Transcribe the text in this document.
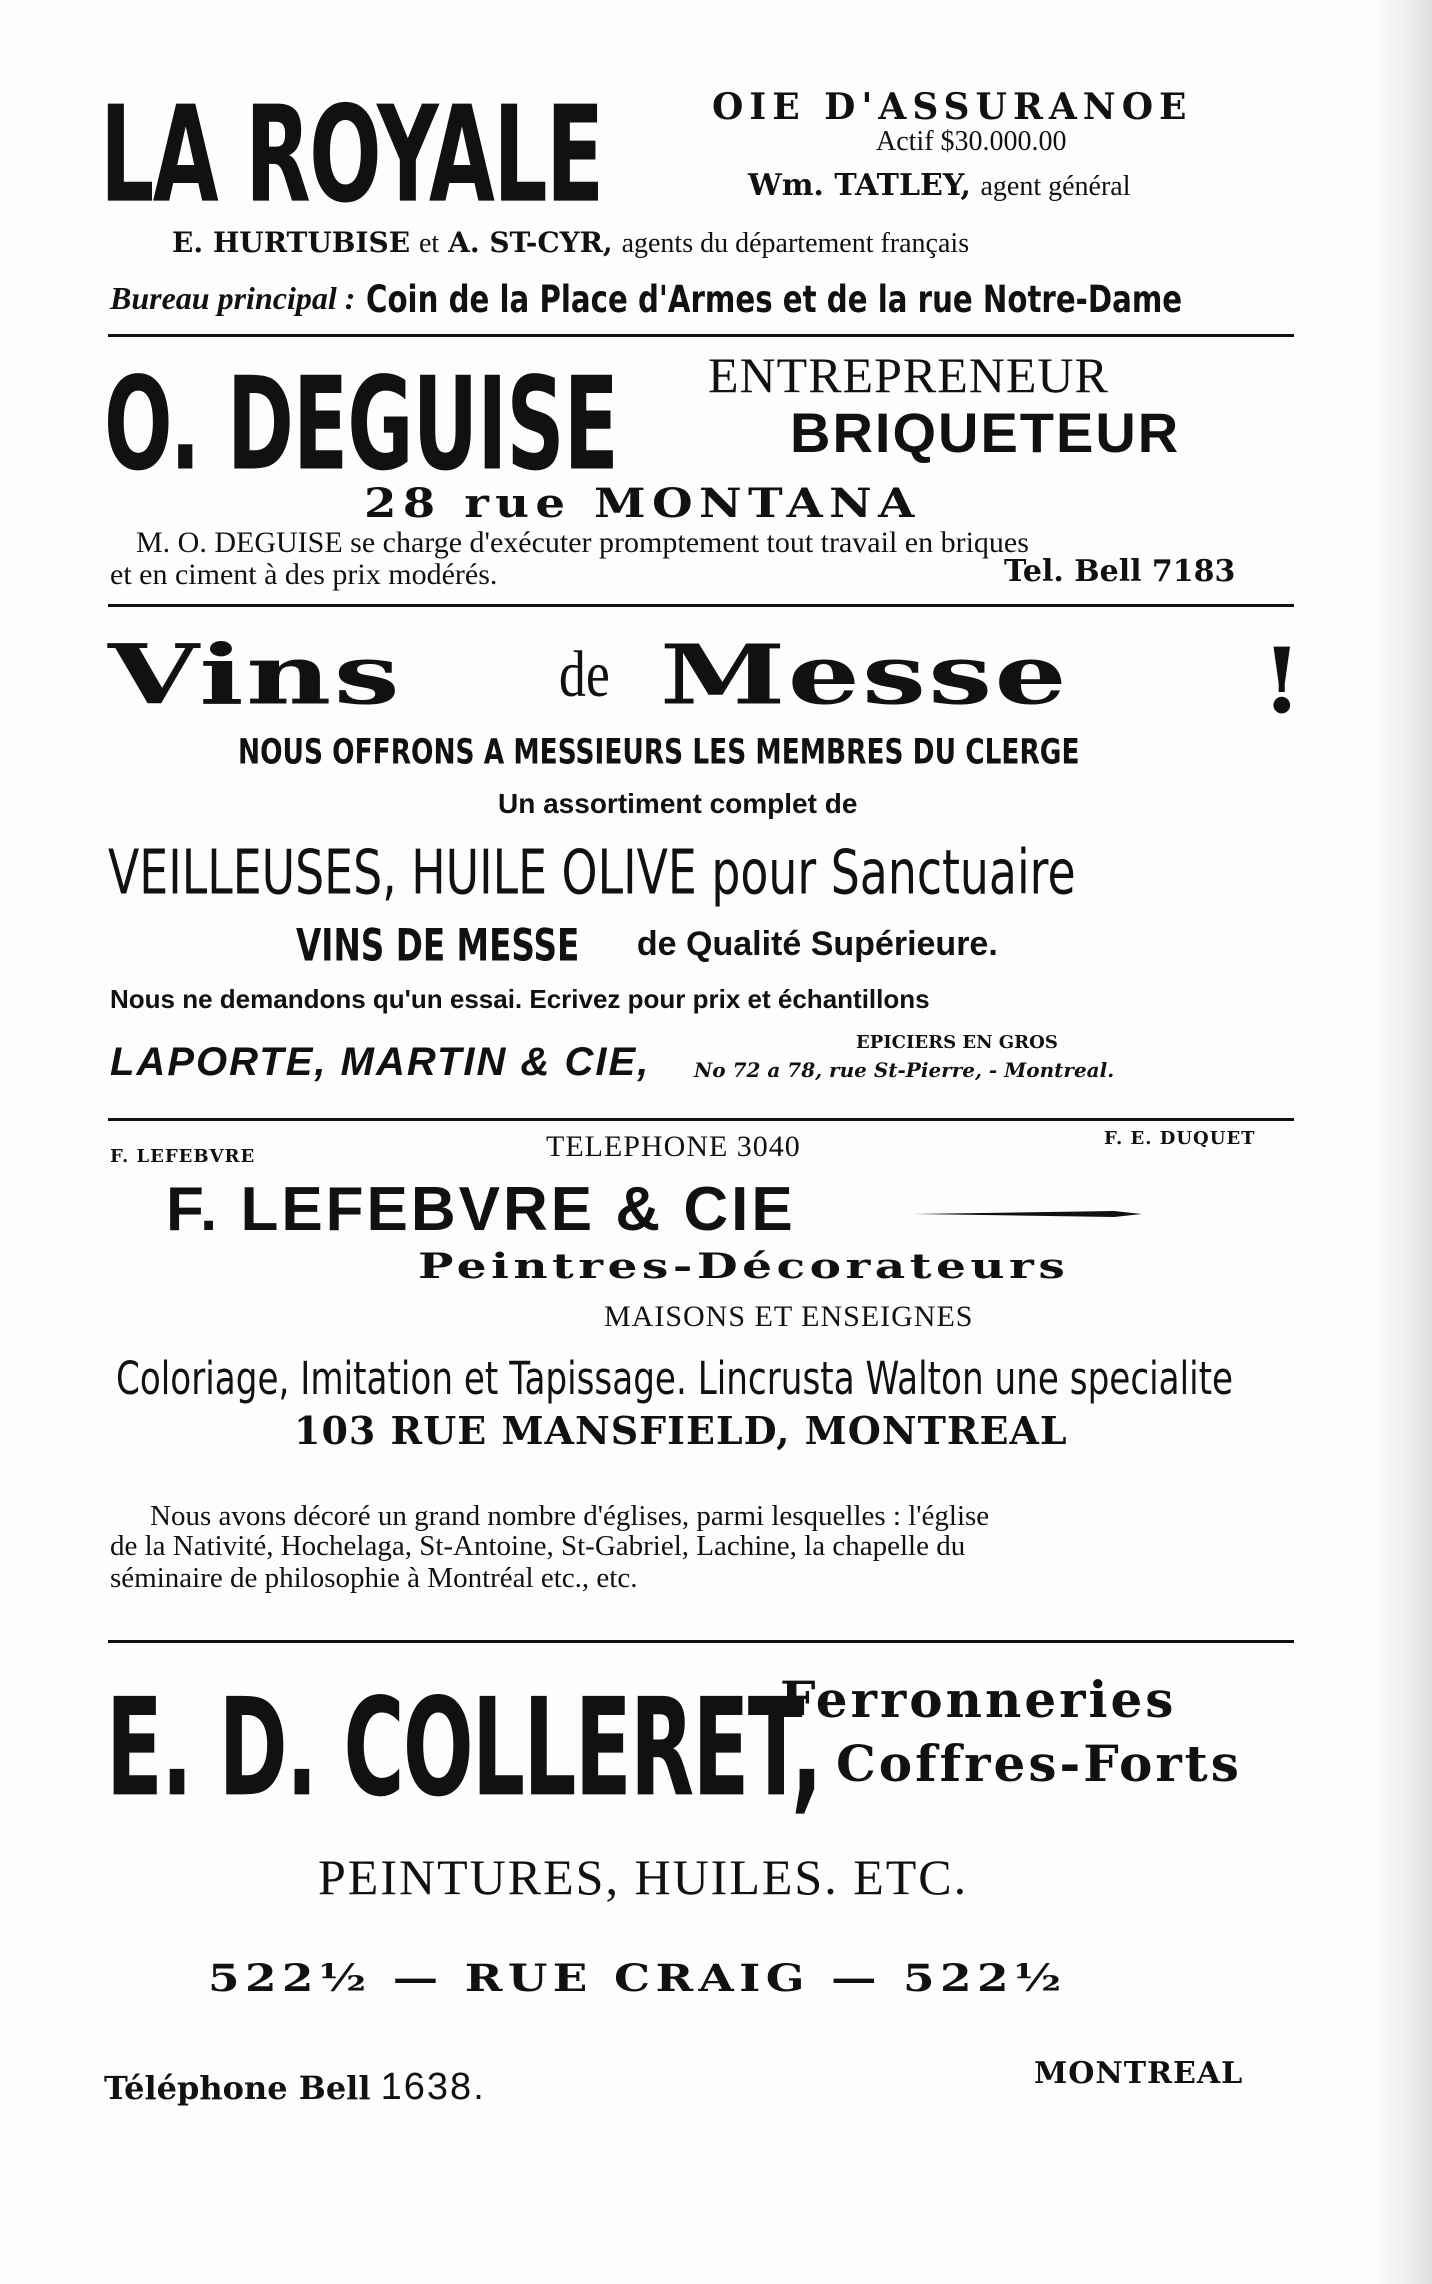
LA ROYALE	OIE D'ASSURANOE
Actif $30.000.00
Wm. TATLEY, agent général
E. HURTUBISE et A. ST-CYR, agents du département français
Bureau principal : Coin de la Place d'Armes et de la rue Notre-Dame
O. DEGUISE ENTREPRENEUR
BRIQUETEUR
28 rue MONTANA
M. O. DEGUISE se charge d'exécuter promptement tout travail en briques
et en ciment à des prix modérés.	Tel. Bell 7183
Vins	de Messe !
NOUS OFFRONS A MESSIEURS LES MEMBRES DU CLERGE
Un assortiment complet de
VEILLEUSES, HUILE OLIVE pour Sanctuaire
VINS DE MESSE de Qualité Supérieure.
Nous ne demandons qu'un essai. Ecrivez pour prix et échantillons
LAPORTE, MARTIN & CIE,	EPICIERS EN GROS
No 72 a 78, rue St-Pierre, - Montreal.
F. LEFEBVRE	TELEPHONE 3040	F. E. DUQUET
F. LEFEBVRE & CIE
Peintres-Décorateurs
MAISONS ET ENSEIGNES
Coloriage, Imitation et Tapissage. Lincrusta Walton une specialite
103 RUE MANSFIELD, MONTREAL
Nous avons décoré un grand nombre d'églises, parmi lesquelles : l'église
de la Nativité, Hochelaga, St-Antoine, St-Gabriel, Lachine, la chapelle du
séminaire de philosophie à Montréal etc., etc.
E. D. COLLERET,
Ferronneries
Coffres-Forts
PEINTURES, HUILES. ETC.
522½ — RUE CRAIG — 522½
Téléphone Bell 1638.	MONTREAL
